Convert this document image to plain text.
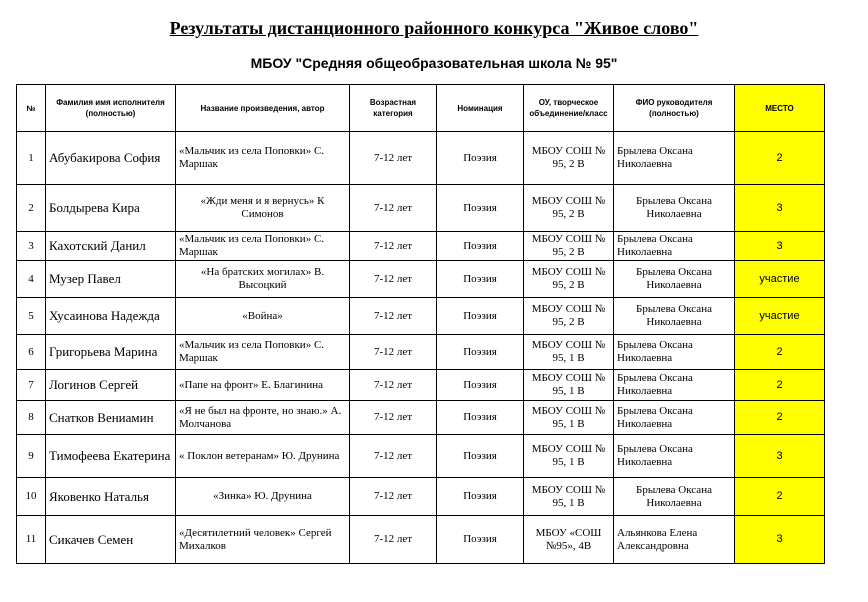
Результаты дистанционного районного конкурса "Живое слово"
МБОУ "Средняя общеобразовательная школа № 95"
№	Фамилия имя исполнителя (полностью)	Название произведения, автор	Возрастная категория	Номинация	ОУ, творческое объединение/класс	ФИО руководителя (полностью)	МЕСТО
1	Абубакирова София	«Мальчик из села Поповки» С. Маршак	7-12 лет	Поэзия	МБОУ СОШ № 95, 2 В	Брылева Оксана Николаевна	2
2	Болдырева Кира	«Жди меня и я вернусь» К Симонов	7-12 лет	Поэзия	МБОУ СОШ № 95, 2 В	Брылева Оксана Николаевна	3
3	Кахотский Данил	«Мальчик из села Поповки» С. Маршак	7-12 лет	Поэзия	МБОУ СОШ № 95, 2 В	Брылева Оксана Николаевна	3
4	Музер Павел	«На братских могилах» В. Высоцкий	7-12 лет	Поэзия	МБОУ СОШ № 95, 2 В	Брылева Оксана Николаевна	участие
5	Хусаинова Надежда	«Война»	7-12 лет	Поэзия	МБОУ СОШ № 95, 2 В	Брылева Оксана Николаевна	участие
6	Григорьева Марина	«Мальчик из села Поповки» С. Маршак	7-12 лет	Поэзия	МБОУ СОШ № 95, 1 В	Брылева Оксана Николаевна	2
7	Логинов Сергей	«Папе на фронт» Е. Благинина	7-12 лет	Поэзия	МБОУ СОШ № 95, 1 В	Брылева Оксана Николаевна	2
8	Снатков Вениамин	«Я не был на фронте, но знаю.» А. Молчанова	7-12 лет	Поэзия	МБОУ СОШ № 95, 1 В	Брылева Оксана Николаевна	2
9	Тимофеева Екатерина	« Поклон ветеранам» Ю. Друнина	7-12 лет	Поэзия	МБОУ СОШ № 95, 1 В	Брылева Оксана Николаевна	3
10	Яковенко Наталья	«Зинка» Ю. Друнина	7-12 лет	Поэзия	МБОУ СОШ № 95, 1 В	Брылева Оксана Николаевна	2
11	Сикачев Семен	«Десятилетний человек» Сергей Михалков	7-12 лет	Поэзия	МБОУ «СОШ №95», 4В	Альянкова Елена Александровна	3
